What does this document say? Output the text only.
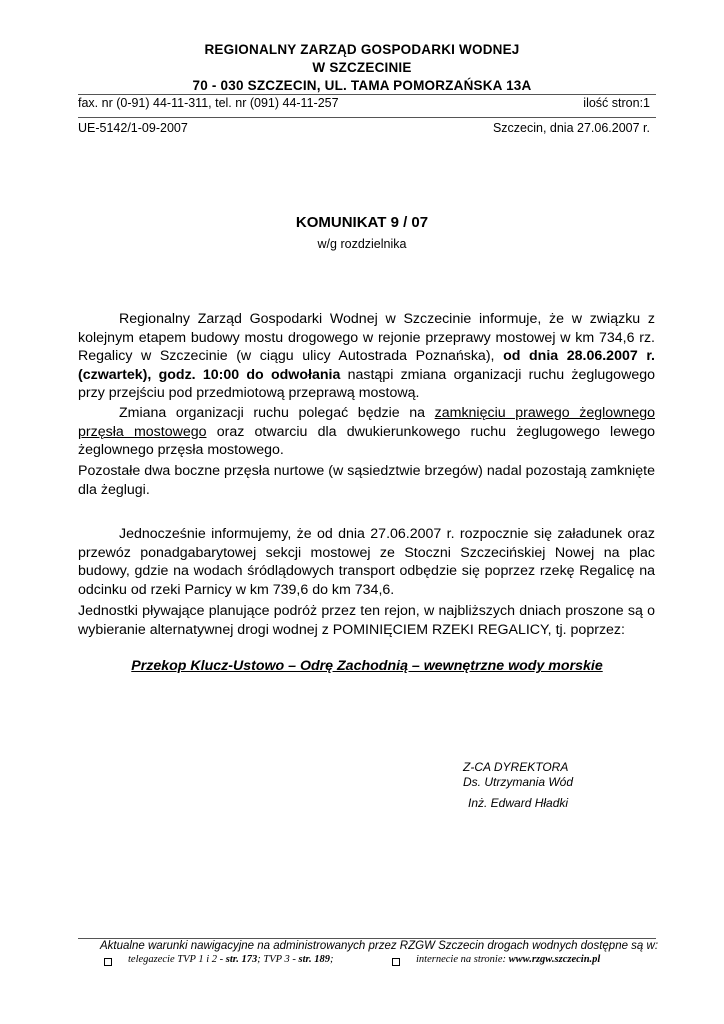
REGIONALNY ZARZĄD GOSPODARKI WODNEJ
W SZCZECINIE
70 - 030 SZCZECIN, UL. TAMA POMORZAŃSKA 13A
fax. nr (0-91) 44-11-311, tel. nr (091) 44-11-257	ilość stron:1
UE-5142/1-09-2007	Szczecin, dnia 27.06.2007 r.
KOMUNIKAT 9 / 07
w/g rozdzielnika
Regionalny Zarząd Gospodarki Wodnej w Szczecinie informuje, że w związku z kolejnym etapem budowy mostu drogowego w rejonie przeprawy mostowej w km 734,6 rz. Regalicy w Szczecinie (w ciągu ulicy Autostrada Poznańska), od dnia 28.06.2007 r. (czwartek), godz. 10:00 do odwołania nastąpi zmiana organizacji ruchu żeglugowego przy przejściu pod przedmiotową przeprawą mostową.
Zmiana organizacji ruchu polegać będzie na zamknięciu prawego żeglownego przęsła mostowego oraz otwarciu dla dwukierunkowego ruchu żeglugowego lewego żeglownego przęsła mostowego.
Pozostałe dwa boczne przęsła nurtowe (w sąsiedztwie brzegów) nadal pozostają zamknięte dla żeglugi.
Jednocześnie informujemy, że od dnia 27.06.2007 r. rozpocznie się załadunek oraz przewóz ponadgabarytowej sekcji mostowej ze Stoczni Szczecińskiej Nowej na plac budowy, gdzie na wodach śródlądowych transport odbędzie się poprzez rzekę Regalicę na odcinku od rzeki Parnicy w km 739,6 do km 734,6.
Jednostki pływające planujące podróż przez ten rejon, w najbliższych dniach proszone są o wybieranie alternatywnej drogi wodnej z POMINIĘCIEM RZEKI REGALICY, tj. poprzez:
Przekop Klucz-Ustowo – Odrę Zachodnią – wewnętrzne wody morskie
Z-CA DYREKTORA
Ds. Utrzymania Wód
Inż. Edward Hładki
Aktualne warunki nawigacyjne na administrowanych przez RZGW Szczecin drogach wodnych dostępne są w:
telegazecie TVP 1 i 2 - str. 173; TVP 3 - str. 189;	internecie na stronie: www.rzgw.szczecin.pl
